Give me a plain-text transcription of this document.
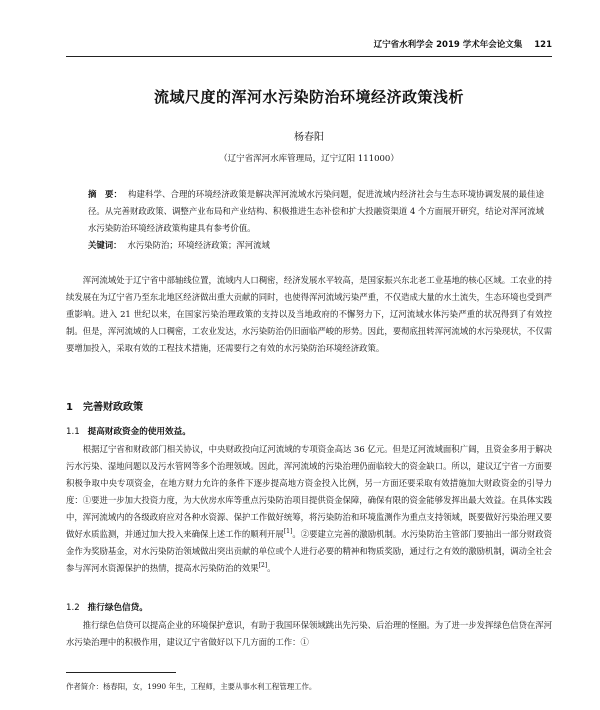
辽宁省水利学会 2019 学术年会论文集 121
流域尺度的浑河水污染防治环境经济政策浅析
杨春阳
（辽宁省浑河水库管理局，辽宁辽阳 111000）
摘　要： 构建科学、合理的环境经济政策是解决浑河流域水污染问题，促进流域内经济社会与生态环境协调发展的最佳途径。从完善财政政策、调整产业布局和产业结构、积极推进生态补偿和扩大投融资渠道 4 个方面展开研究，结论对浑河流域水污染防治环境经济政策构建具有参考价值。
关键词： 水污染防治；环境经济政策；浑河流域
浑河流域处于辽宁省中部轴线位置，流域内人口稠密，经济发展水平较高，是国家振兴东北老工业基地的核心区域。工农业的持续发展在为辽宁省乃至东北地区经济做出重大贡献的同时，也使得浑河流域污染严重，不仅造成大量的水土流失，生态环境也受到严重影响。进入 21 世纪以来，在国家污染治理政策的支持以及当地政府的不懈努力下，辽河流域水体污染严重的状况得到了有效控制。但是，浑河流域的人口稠密，工农业发达，水污染防治仍旧面临严峻的形势。因此，要彻底扭转浑河流域的水污染现状，不仅需要增加投入，采取有效的工程技术措施，还需要行之有效的水污染防治环境经济政策。
1 完善财政政策
1.1 提高财政资金的使用效益。
根据辽宁省和财政部门相关协议，中央财政投向辽河流域的专项资金高达 36 亿元。但是辽河流域面积广阔，且资金多用于解决污水污染、湿地问题以及污水管网等多个治理领域。因此，浑河流域的污染治理仍面临较大的资金缺口。所以，建议辽宁省一方面要积极争取中央专项资金，在地方财力允许的条件下逐步提高地方资金投入比例，另一方面还要采取有效措施加大财政资金的引导力度：①要进一步加大投资力度，为大伙房水库等重点污染防治项目提供资金保障，确保有限的资金能够发挥出最大效益。在具体实践中，浑河流域内的各级政府应对各种水资源、保护工作做好统筹，将污染防治和环境监测作为重点支持领域，既要做好污染治理又要做好水质监测，并通过加大投入来确保上述工作的顺利开展[1]。②要建立完善的激励机制。水污染防治主管部门要抽出一部分财政资金作为奖励基金，对水污染防治领域做出突出贡献的单位或个人进行必要的精神和物质奖励，通过行之有效的激励机制，调动全社会参与浑河水资源保护的热情，提高水污染防治的效果[2]。
1.2 推行绿色信贷。
推行绿色信贷可以提高企业的环境保护意识，有助于我国环保领域跳出先污染、后治理的怪圈。为了进一步发挥绿色信贷在浑河水污染治理中的积极作用，建议辽宁省做好以下几方面的工作：①
作者简介：杨春阳，女，1990 年生，工程师，主要从事水利工程管理工作。
